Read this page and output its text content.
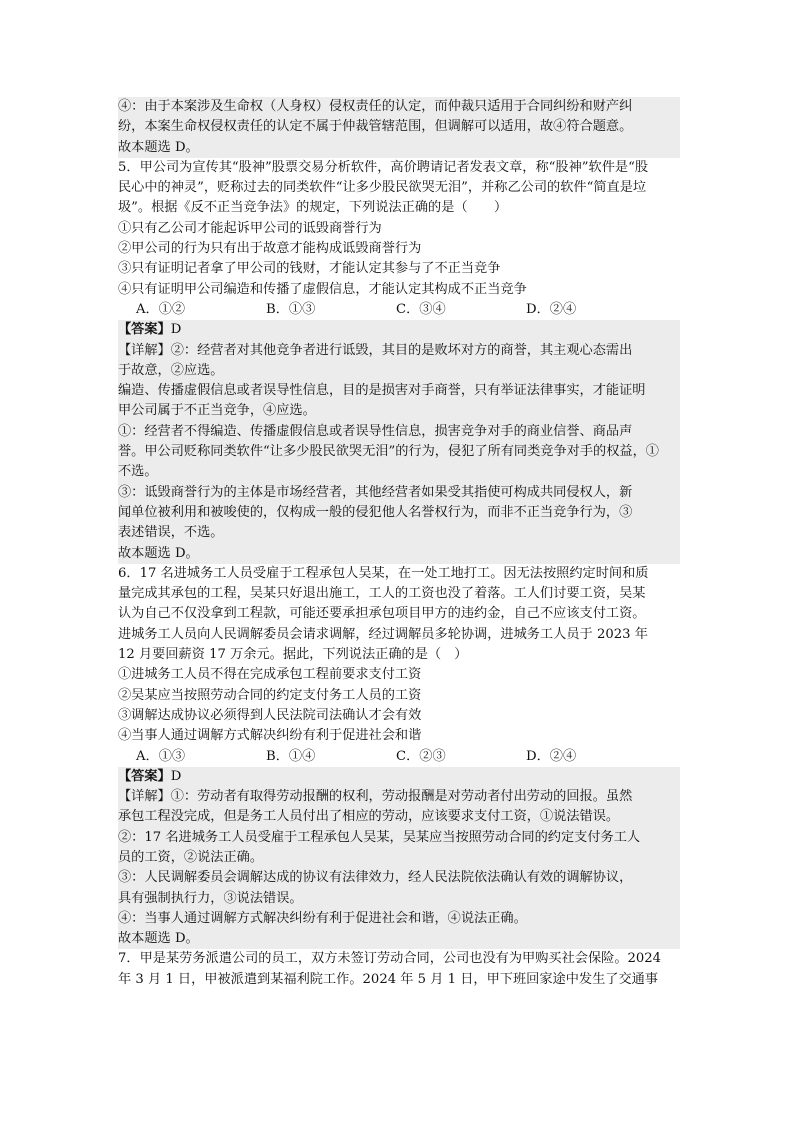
④：由于本案涉及生命权（人身权）侵权责任的认定，而仲裁只适用于合同纠纷和财产纠
纷，本案生命权侵权责任的认定不属于仲裁管辖范围，但调解可以适用，故④符合题意。
故本题选 D。
5．甲公司为宣传其“股神”股票交易分析软件，高价聘请记者发表文章，称“股神”软件是“股
民心中的神灵”，贬称过去的同类软件“让多少股民欲哭无泪”，并称乙公司的软件“简直是垃
圾”。根据《反不正当竞争法》的规定，下列说法正确的是（　　）
①只有乙公司才能起诉甲公司的诋毁商誉行为
②甲公司的行为只有出于故意才能构成诋毁商誉行为
③只有证明记者拿了甲公司的钱财，才能认定其参与了不正当竞争
④只有证明甲公司编造和传播了虚假信息，才能认定其构成不正当竞争
A．①②	B．①③	C．③④	D．②④
【答案】D
【详解】②：经营者对其他竞争者进行诋毁，其目的是败坏对方的商誉，其主观心态需出
于故意，②应选。
编造、传播虚假信息或者误导性信息，目的是损害对手商誉，只有举证法律事实，才能证明
甲公司属于不正当竞争，④应选。
①：经营者不得编造、传播虚假信息或者误导性信息，损害竞争对手的商业信誉、商品声
誉。甲公司贬称同类软件“让多少股民欲哭无泪”的行为，侵犯了所有同类竞争对手的权益，①
不选。
③：诋毁商誉行为的主体是市场经营者，其他经营者如果受其指使可构成共同侵权人，新
闻单位被利用和被唆使的，仅构成一般的侵犯他人名誉权行为，而非不正当竞争行为，③
表述错误，不选。
故本题选 D。
6．17 名进城务工人员受雇于工程承包人吴某，在一处工地打工。因无法按照约定时间和质
量完成其承包的工程，吴某只好退出施工，工人的工资也没了着落。工人们讨要工资，吴某
认为自己不仅没拿到工程款，可能还要承担承包项目甲方的违约金，自己不应该支付工资。
进城务工人员向人民调解委员会请求调解，经过调解员多轮协调，进城务工人员于 2023 年
12 月要回薪资 17 万余元。据此，下列说法正确的是（　）
①进城务工人员不得在完成承包工程前要求支付工资
②吴某应当按照劳动合同的约定支付务工人员的工资
③调解达成协议必须得到人民法院司法确认才会有效
④当事人通过调解方式解决纠纷有利于促进社会和谐
A．①③	B．①④	C．②③	D．②④
【答案】D
【详解】①：劳动者有取得劳动报酬的权利，劳动报酬是对劳动者付出劳动的回报。虽然
承包工程没完成，但是务工人员付出了相应的劳动，应该要求支付工资，①说法错误。
②：17 名进城务工人员受雇于工程承包人吴某，吴某应当按照劳动合同的约定支付务工人
员的工资，②说法正确。
③：人民调解委员会调解达成的协议有法律效力，经人民法院依法确认有效的调解协议，
具有强制执行力，③说法错误。
④：当事人通过调解方式解决纠纷有利于促进社会和谐，④说法正确。
故本题选 D。
7．甲是某劳务派遣公司的员工，双方未签订劳动合同，公司也没有为甲购买社会保险。2024
年 3 月 1 日，甲被派遣到某福利院工作。2024 年 5 月 1 日，甲下班回家途中发生了交通事
